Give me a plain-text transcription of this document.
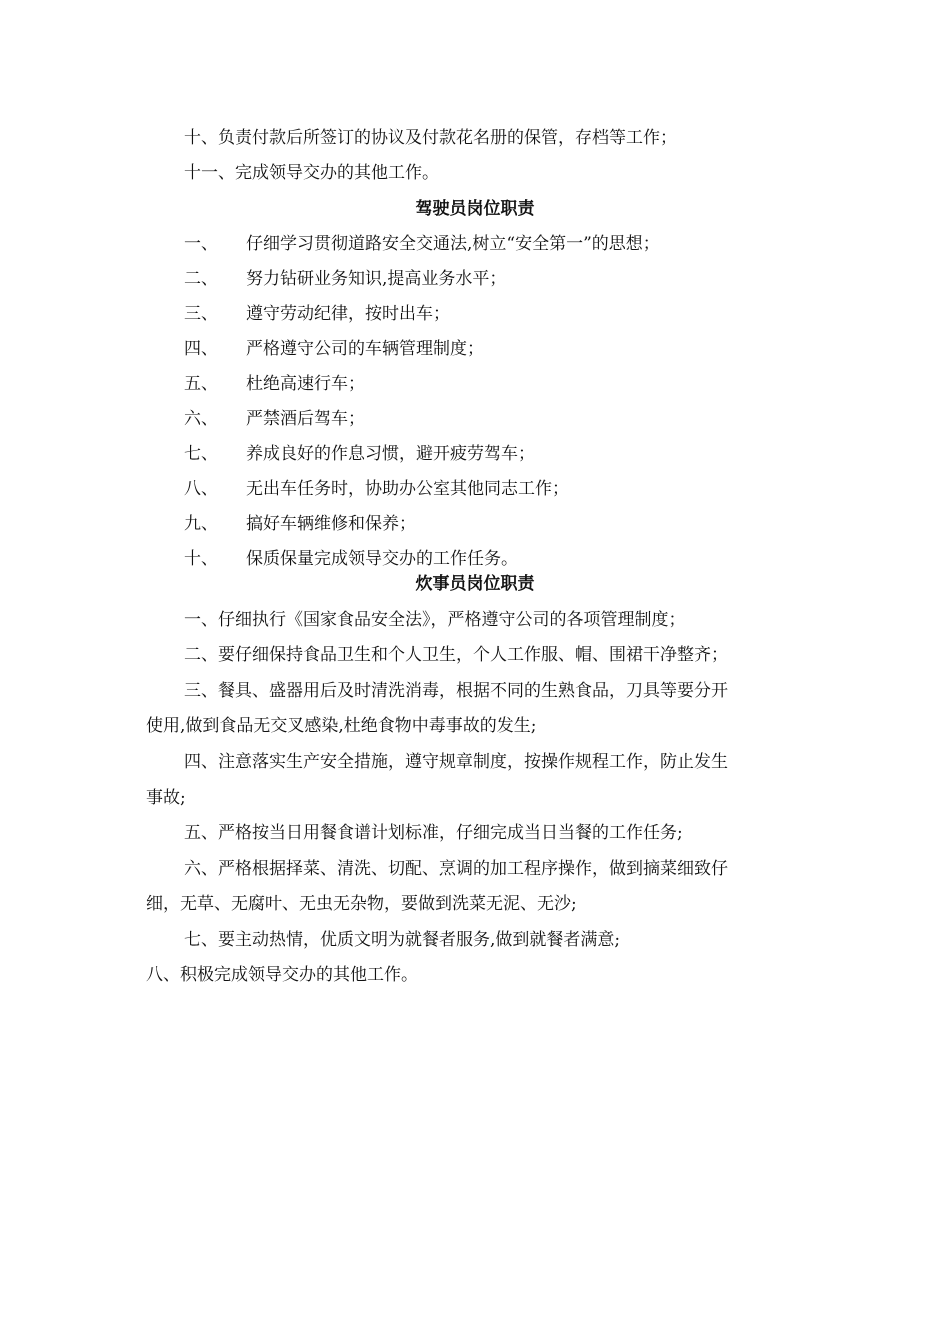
十、负责付款后所签订的协议及付款花名册的保管，存档等工作；
十一、完成领导交办的其他工作。
驾驶员岗位职责
一、 仔细学习贯彻道路安全交通法,树立“安全第一”的思想；
二、 努力钻研业务知识,提高业务水平；
三、 遵守劳动纪律，按时出车；
四、 严格遵守公司的车辆管理制度；
五、 杜绝高速行车；
六、 严禁酒后驾车；
七、 养成良好的作息习惯，避开疲劳驾车；
八、 无出车任务时，协助办公室其他同志工作；
九、 搞好车辆维修和保养；
十、 保质保量完成领导交办的工作任务。
炊事员岗位职责
一、仔细执行《国家食品安全法》，严格遵守公司的各项管理制度；
二、要仔细保持食品卫生和个人卫生，个人工作服、帽、围裙干净整齐；
三、餐具、盛器用后及时清洗消毒，根据不同的生熟食品，刀具等要分开
使用,做到食品无交叉感染,杜绝食物中毒事故的发生;
四、注意落实生产安全措施，遵守规章制度，按操作规程工作，防止发生
事故;
五、严格按当日用餐食谱计划标准，仔细完成当日当餐的工作任务;
六、严格根据择菜、清洗、切配、烹调的加工程序操作，做到摘菜细致仔
细，无草、无腐叶、无虫无杂物，要做到洗菜无泥、无沙;
七、要主动热情，优质文明为就餐者服务,做到就餐者满意;
八、积极完成领导交办的其他工作。
